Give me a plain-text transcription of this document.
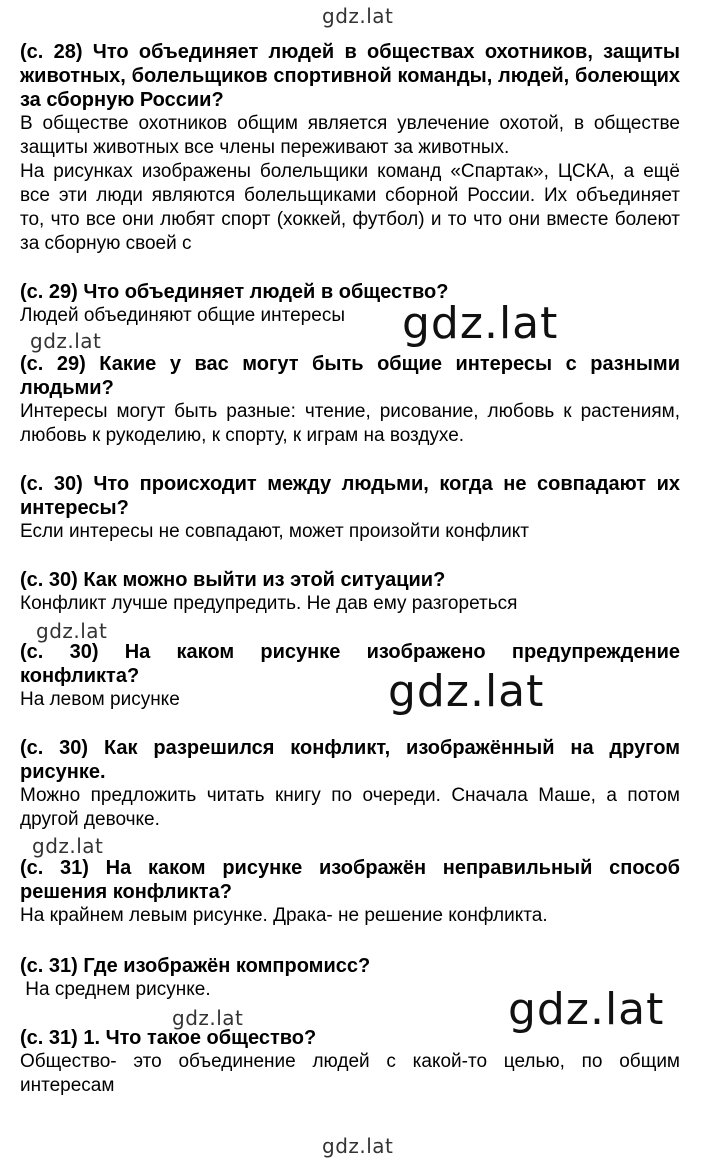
gdz.lat

(с. 28) Что объединяет людей в обществах охотников, защиты животных, болельщиков спортивной команды, людей, болеющих за сборную России?

В обществе охотников общим является увлечение охотой, в обществе защиты животных все члены переживают за животных.

На рисунках изображены болельщики команд «Спартак», ЦСКА, а ещё все эти люди являются болельщиками сборной России. Их объединяет то, что все они любят спорт (хоккей, футбол) и то что они вместе болеют за сборную своей с

(с. 29) Что объединяет людей в общество?

Людей объединяют общие интересы	gdz.lat
gdz.lat

(с. 29) Какие у вас могут быть общие интересы с разными людьми?

Интересы могут быть разные: чтение, рисование, любовь к растениям, любовь к рукоделию, к спорту, к играм на воздухе.

(с. 30) Что происходит между людьми, когда не совпадают их интересы?

Если интересы не совпадают, может произойти конфликт

(с. 30) Как можно выйти из этой ситуации?

Конфликт лучше предупредить. Не дав ему разгореться

gdz.lat

(с. 30) На каком рисунке изображено предупреждение конфликта?

На левом рисунке	gdz.lat

(с. 30) Как разрешился конфликт, изображённый на другом рисунке.

Можно предложить читать книгу по очереди. Сначала Маше, а потом другой девочке.

gdz.lat

(с. 31) На каком рисунке изображён неправильный способ решения конфликта?

На крайнем левым рисунке. Драка- не решение конфликта.

(с. 31) Где изображён компромисс?

На среднем рисунке.	gdz.lat
gdz.lat

(с. 31) 1. Что такое общество?

Общество- это объединение людей с какой-то целью, по общим интересам

gdz.lat
